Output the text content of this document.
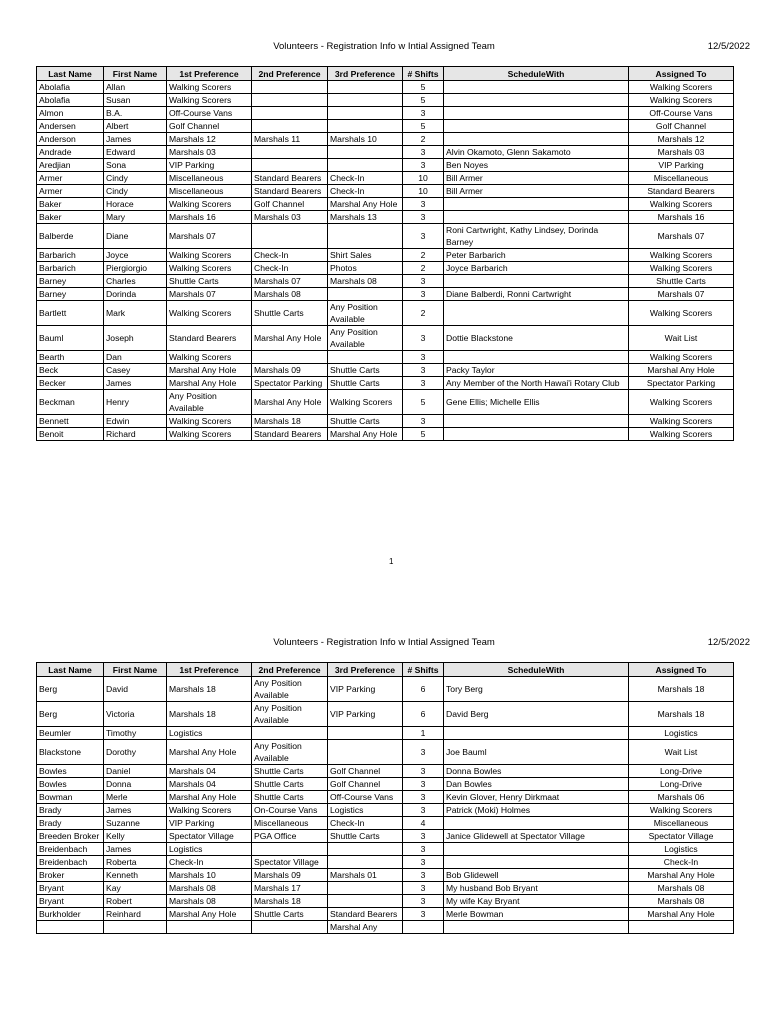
Volunteers - Registration Info w Intial Assigned Team	12/5/2022
Last Name	First Name	1st Preference	2nd Preference	3rd Preference	# Shifts	ScheduleWith	Assigned To
Abolafia	Allan	Walking Scorers			5		Walking Scorers
Abolafia	Susan	Walking Scorers			5		Walking Scorers
Almon	B.A.	Off-Course Vans			3		Off-Course Vans
Andersen	Albert	Golf Channel			5		Golf Channel
Anderson	James	Marshals 12	Marshals 11	Marshals 10	2		Marshals 12
Andrade	Edward	Marshals 03			3	Alvin Okamoto, Glenn Sakamoto	Marshals 03
Aredjian	Sona	VIP Parking			3	Ben Noyes	VIP Parking
Armer	Cindy	Miscellaneous	Standard Bearers	Check-In	10	Bill Armer	Miscellaneous
Armer	Cindy	Miscellaneous	Standard Bearers	Check-In	10	Bill Armer	Standard Bearers
Baker	Horace	Walking Scorers	Golf Channel	Marshal Any Hole	3		Walking Scorers
Baker	Mary	Marshals 16	Marshals 03	Marshals 13	3		Marshals 16
Balberde	Diane	Marshals 07			3	Roni Cartwright, Kathy Lindsey, Dorinda Barney	Marshals 07
Barbarich	Joyce	Walking Scorers	Check-In	Shirt Sales	2	Peter Barbarich	Walking Scorers
Barbarich	Piergiorgio	Walking Scorers	Check-In	Photos	2	Joyce Barbarich	Walking Scorers
Barney	Charles	Shuttle Carts	Marshals 07	Marshals 08	3		Shuttle Carts
Barney	Dorinda	Marshals 07	Marshals 08		3	Diane Balberdi, Ronni Cartwright	Marshals 07
Bartlett	Mark	Walking Scorers	Shuttle Carts	Any Position Available	2		Walking Scorers
Bauml	Joseph	Standard Bearers	Marshal Any Hole	Any Position Available	3	Dottie Blackstone	Wait List
Bearth	Dan	Walking Scorers			3		Walking Scorers
Beck	Casey	Marshal Any Hole	Marshals 09	Shuttle Carts	3	Packy Taylor	Marshal Any Hole
Becker	James	Marshal Any Hole	Spectator Parking	Shuttle Carts	3	Any Member of the North Hawai'i Rotary Club	Spectator Parking
Beckman	Henry	Any Position Available	Marshal Any Hole	Walking Scorers	5	Gene Ellis; Michelle Ellis	Walking Scorers
Bennett	Edwin	Walking Scorers	Marshals 18	Shuttle Carts	3		Walking Scorers
Benoit	Richard	Walking Scorers	Standard Bearers	Marshal Any Hole	5		Walking Scorers
1
Volunteers - Registration Info w Intial Assigned Team	12/5/2022
Last Name	First Name	1st Preference	2nd Preference	3rd Preference	# Shifts	ScheduleWith	Assigned To
Berg	David	Marshals 18	Any Position Available	VIP Parking	6	Tory Berg	Marshals 18
Berg	Victoria	Marshals 18	Any Position Available	VIP Parking	6	David Berg	Marshals 18
Beumler	Timothy	Logistics			1		Logistics
Blackstone	Dorothy	Marshal Any Hole	Any Position Available		3	Joe Bauml	Wait List
Bowles	Daniel	Marshals 04	Shuttle Carts	Golf Channel	3	Donna Bowles	Long-Drive
Bowles	Donna	Marshals 04	Shuttle Carts	Golf Channel	3	Dan Bowles	Long-Drive
Bowman	Merle	Marshal Any Hole	Shuttle Carts	Off-Course Vans	3	Kevin Glover, Henry Dirkmaat	Marshals 06
Brady	James	Walking Scorers	On-Course Vans	Logistics	3	Patrick (Moki) Holmes	Walking Scorers
Brady	Suzanne	VIP Parking	Miscellaneous	Check-In	4		Miscellaneous
Breeden Broker	Kelly	Spectator Village	PGA Office	Shuttle Carts	3	Janice Glidewell at Spectator Village	Spectator Village
Breidenbach	James	Logistics			3		Logistics
Breidenbach	Roberta	Check-In	Spectator Village		3		Check-In
Broker	Kenneth	Marshals 10	Marshals 09	Marshals 01	3	Bob Glidewell	Marshal Any Hole
Bryant	Kay	Marshals 08	Marshals 17		3	My husband Bob Bryant	Marshals 08
Bryant	Robert	Marshals 08	Marshals 18		3	My wife Kay Bryant	Marshals 08
Burkholder	Reinhard	Marshal Any Hole	Shuttle Carts	Standard Bearers	3	Merle Bowman	Marshal Any Hole
				Marshal Any			
